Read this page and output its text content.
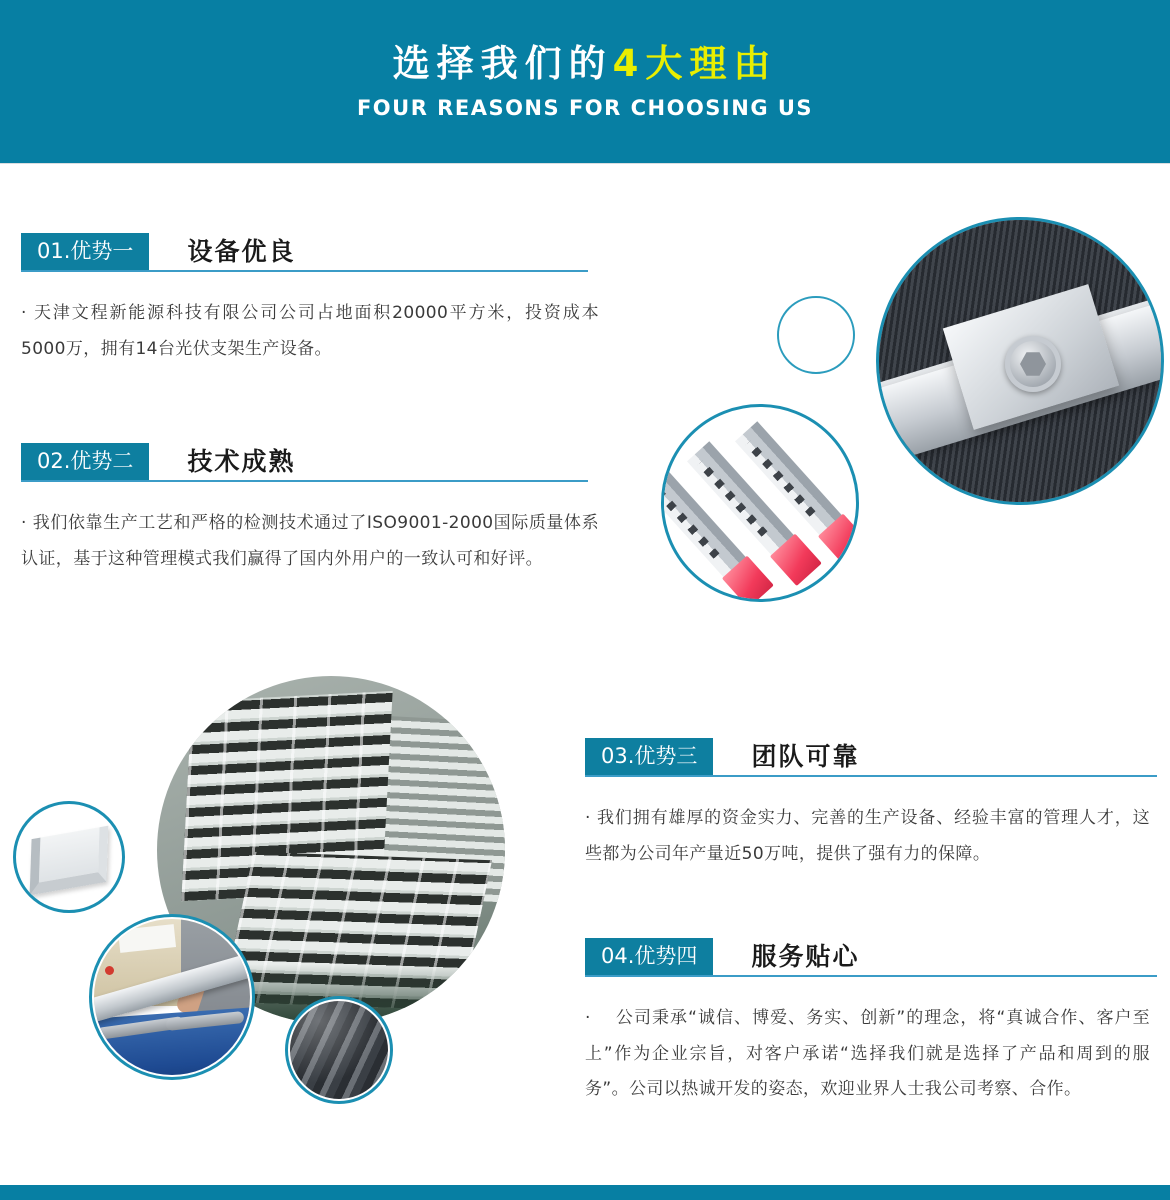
选择我们的4大理由
FOUR REASONS FOR CHOOSING US
01.优势一 设备优良

· 天津文程新能源科技有限公司公司占地面积20000平方米，投资成本5000万，拥有14台光伏支架生产设备。

02.优势二 技术成熟

· 我们依靠生产工艺和严格的检测技术通过了ISO9001-2000国际质量体系认证，基于这种管理模式我们赢得了国内外用户的一致认可和好评。

03.优势三 团队可靠

· 我们拥有雄厚的资金实力、完善的生产设备、经验丰富的管理人才，这些都为公司年产量近50万吨，提供了强有力的保障。

04.优势四 服务贴心

·　 公司秉承“诚信、博爱、务实、创新”的理念，将“真诚合作、客户至上”作为企业宗旨，对客户承诺“选择我们就是选择了产品和周到的服务”。公司以热诚开发的姿态，欢迎业界人士我公司考察、合作。
